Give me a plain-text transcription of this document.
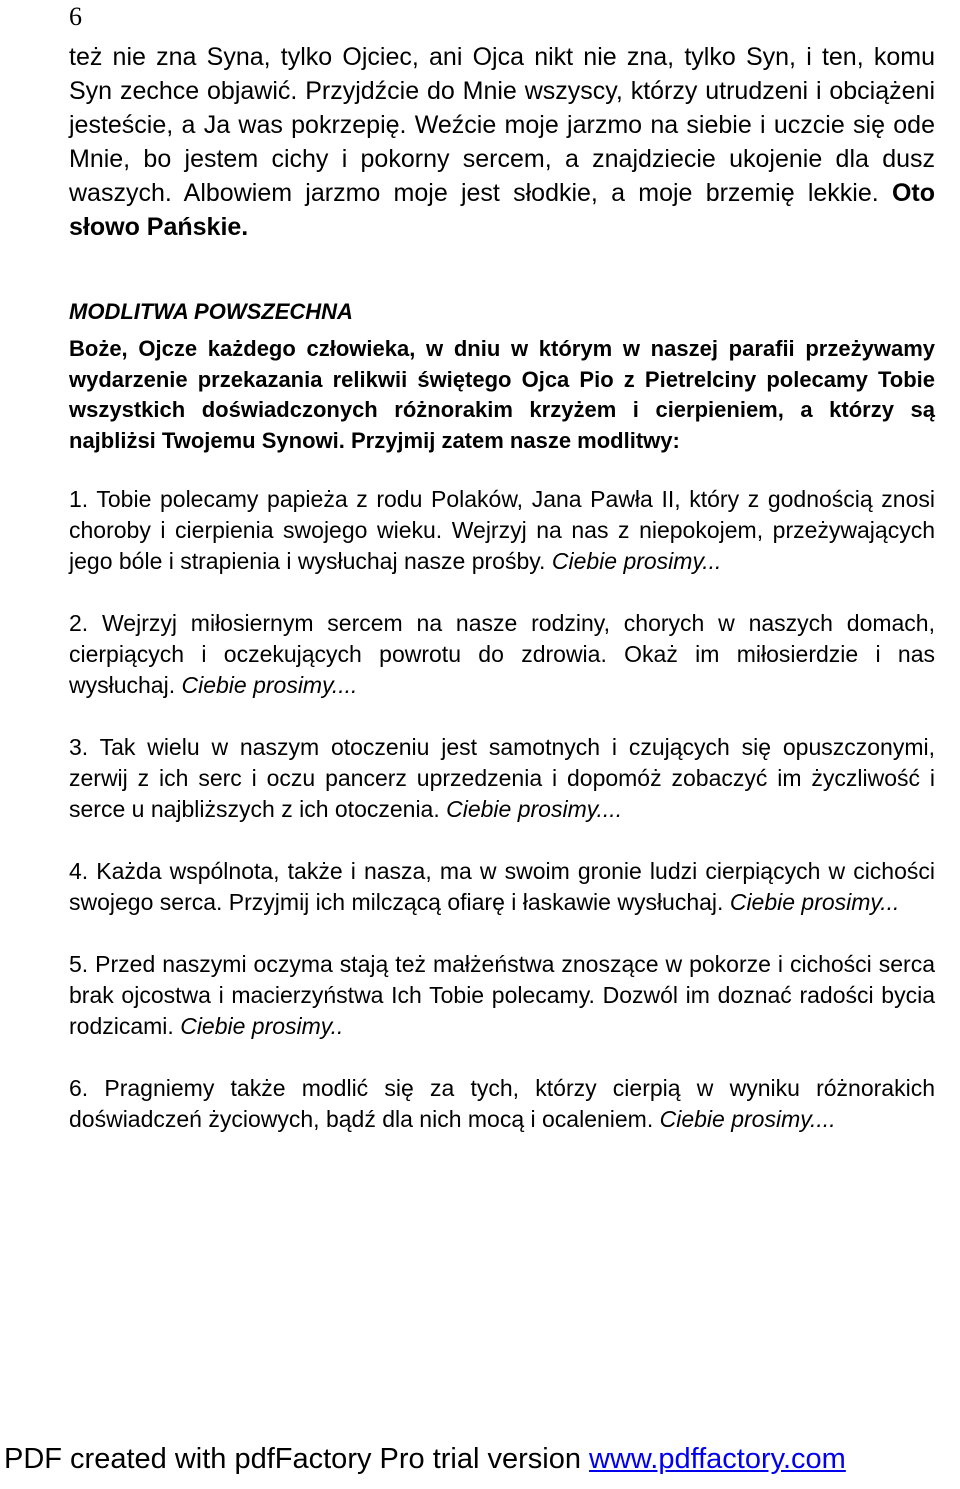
6

też nie zna Syna, tylko Ojciec, ani Ojca nikt nie zna, tylko Syn, i ten, komu Syn zechce objawić. Przyjdźcie do Mnie wszyscy, którzy utrudzeni i obciążeni jesteście, a Ja was pokrzepię. Weźcie moje jarzmo na siebie i uczcie się ode Mnie, bo jestem cichy i pokorny sercem, a znajdziecie ukojenie dla dusz waszych. Albowiem jarzmo moje jest słodkie, a moje brzemię lekkie. Oto słowo Pańskie.

MODLITWA POWSZECHNA

Boże, Ojcze każdego człowieka, w dniu w którym w naszej parafii przeżywamy wydarzenie przekazania relikwii świętego Ojca Pio z Pietrelciny polecamy Tobie wszystkich doświadczonych różnorakim krzyżem i cierpieniem, a którzy są najbliżsi Twojemu Synowi. Przyjmij zatem nasze modlitwy:

1. Tobie polecamy papieża z rodu Polaków, Jana Pawła II, który z godnością znosi choroby i cierpienia swojego wieku. Wejrzyj na nas z niepokojem, przeżywających jego bóle i strapienia i wysłuchaj nasze prośby. Ciebie prosimy...

2. Wejrzyj miłosiernym sercem na nasze rodziny, chorych w naszych domach, cierpiących i oczekujących powrotu do zdrowia. Okaż im miłosierdzie i nas wysłuchaj. Ciebie prosimy....

3. Tak wielu w naszym otoczeniu jest samotnych i czujących się opuszczonymi, zerwij z ich serc i oczu pancerz uprzedzenia i dopomóż zobaczyć im życzliwość i serce u najbliższych z ich otoczenia. Ciebie prosimy....

4. Każda wspólnota, także i nasza, ma w swoim gronie ludzi cierpiących w cichości swojego serca. Przyjmij ich milczącą ofiarę i łaskawie wysłuchaj. Ciebie prosimy...

5. Przed naszymi oczyma stają też małżeństwa znoszące w pokorze i cichości serca brak ojcostwa i macierzyństwa Ich Tobie polecamy. Dozwól im doznać radości bycia rodzicami. Ciebie prosimy..

6. Pragniemy także modlić się za tych, którzy cierpią w wyniku różnorakich doświadczeń życiowych, bądź dla nich mocą i ocaleniem. Ciebie prosimy....

PDF created with pdfFactory Pro trial version www.pdffactory.com
